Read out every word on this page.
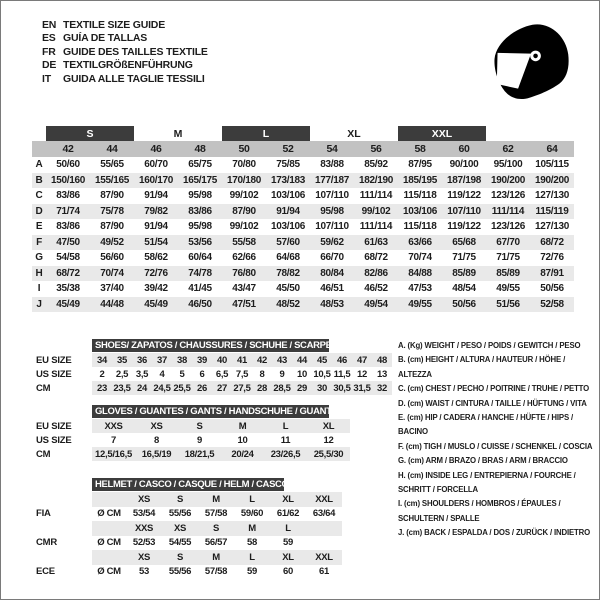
EN TEXTILE SIZE GUIDE
ES GUÍA DE TALLAS
FR GUIDE DES TAILLES TEXTILE
DE TEXTILGRÖßENFÜHRUNG
IT	GUIDA ALLE TAGLIE TESSILI
	S		M		L		XL		XXL			
	42	44	46	48	50	52	54	56	58	60	62	64
A	50/60	55/65	60/70	65/75	70/80	75/85	83/88	85/92	87/95	90/100	95/100	105/115
B	150/160	155/165	160/170	165/175	170/180	173/183	177/187	182/190	185/195	187/198	190/200	190/200
C	83/86	87/90	91/94	95/98	99/102	103/106	107/110	111/114	115/118	119/122	123/126	127/130
D	71/74	75/78	79/82	83/86	87/90	91/94	95/98	99/102	103/106	107/110	111/114	115/119
E	83/86	87/90	91/94	95/98	99/102	103/106	107/110	111/114	115/118	119/122	123/126	127/130
F	47/50	49/52	51/54	53/56	55/58	57/60	59/62	61/63	63/66	65/68	67/70	68/72
G	54/58	56/60	58/62	60/64	62/66	64/68	66/70	68/72	70/74	71/75	71/75	72/76
H	68/72	70/74	72/76	74/78	76/80	78/82	80/84	82/86	84/88	85/89	85/89	87/91
I	35/38	37/40	39/42	41/45	43/47	45/50	46/51	46/52	47/53	48/54	49/55	50/56
J	45/49	44/48	45/49	46/50	47/51	48/52	48/53	49/54	49/55	50/56	51/56	52/58
SHOES/ ZAPATOS / CHAUSSURES / SCHUHE / SCARPE
EU SIZE	34	35	36	37	38	39	40	41	42	43	44	45	46	47	48
US SIZE	2	2,5	3,5	4	5	6	6,5	7,5	8	9	10	10,5	11,5	12	13
CM	23	23,5	24	24,5	25,5	26	27	27,5	28	28,5	29	30	30,5	31,5	32
GLOVES / GUANTES / GANTS / HANDSCHUHE / GUANTI
EU SIZE	XXS	XS	S	M	L	XL
US SIZE	7	8	9	10	11	12
CM	12,5/16,5	16,5/19	18/21,5	20/24	23/26,5	25,5/30
HELMET / CASCO / CASQUE / HELM / CASCO
		XS	S	M	L	XL	XXL
FIA	Ø CM	53/54	55/56	57/58	59/60	61/62	63/64
		XXS	XS	S	M	L	
CMR	Ø CM	52/53	54/55	56/57	58	59	
		XS	S	M	L	XL	XXL
ECE	Ø CM	53	55/56	57/58	59	60	61
A. (Kg) WEIGHT / PESO / POIDS / GEWITCH / PESO
B. (cm) HEIGHT / ALTURA / HAUTEUR / HÖHE / ALTEZZA
C. (cm) CHEST / PECHO / POITRINE / TRUHE / PETTO
D. (cm) WAIST / CINTURA / TAILLE / HÜFTUNG / VITA
E. (cm) HIP / CADERA / HANCHE / HÜFTE / HIPS / BACINO
F. (cm) TIGH / MUSLO / CUISSE / SCHENKEL / COSCIA
G. (cm) ARM / BRAZO / BRAS / ARM / BRACCIO
H. (cm) INSIDE LEG / ENTREPIERNA / FOURCHE / SCHRITT / FORCELLA
I. (cm) SHOULDERS / HOMBROS / ÉPAULES / SCHULTERN / SPALLE
J. (cm) BACK / ESPALDA / DOS / ZURÜCK / INDIETRO
